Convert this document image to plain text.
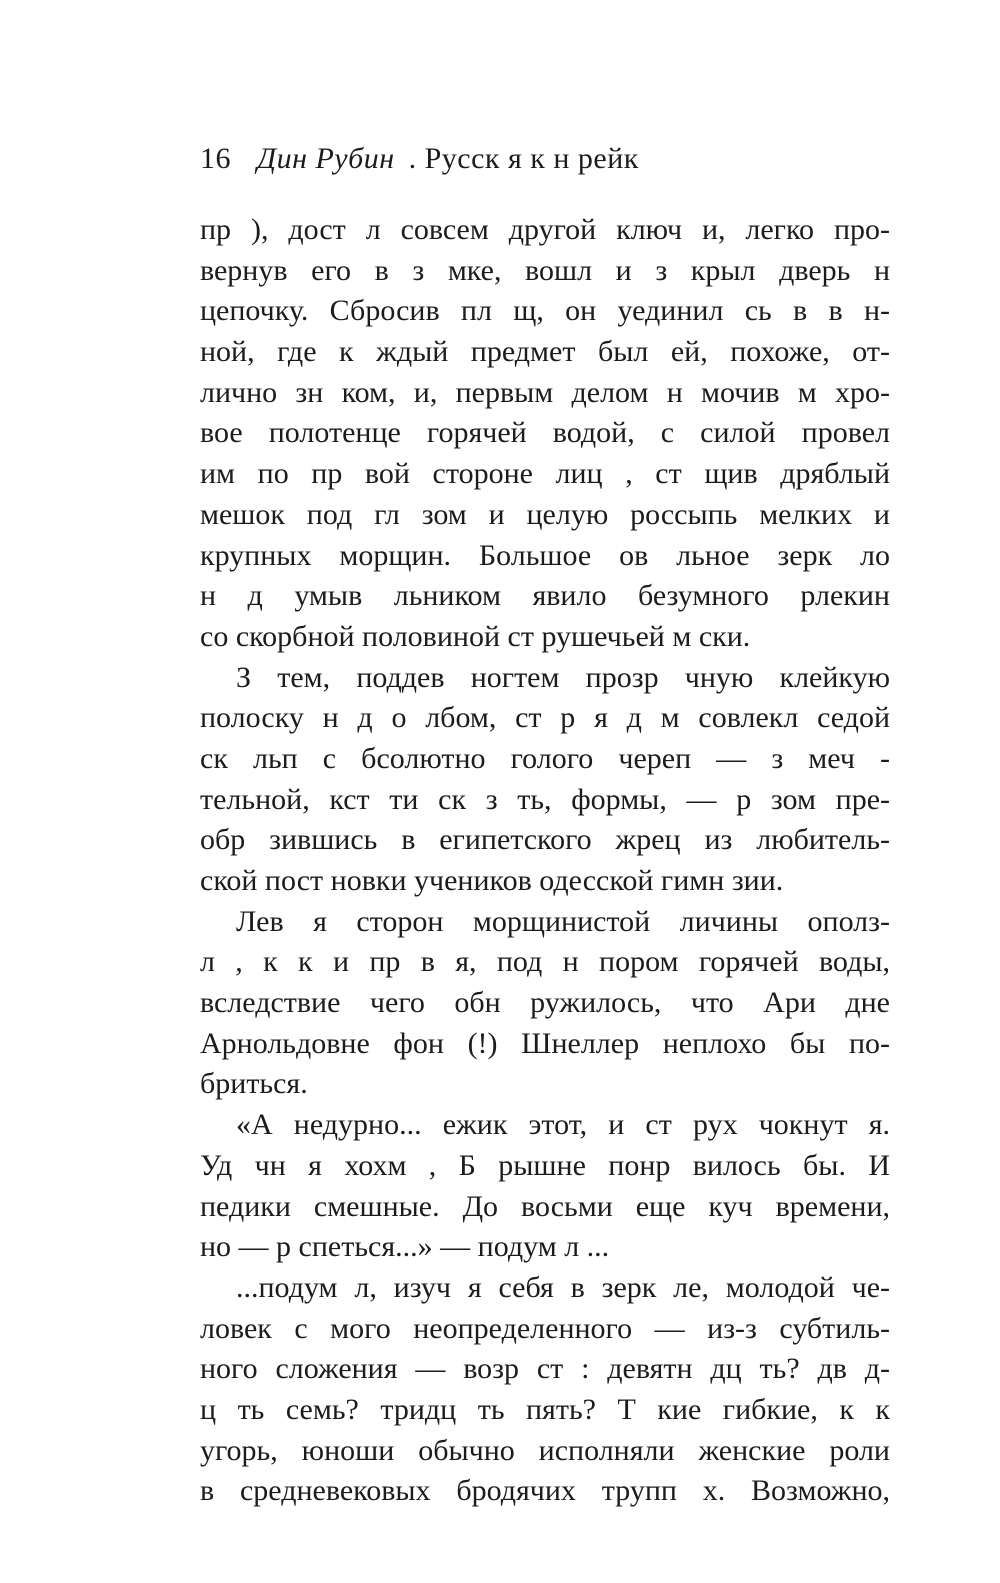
16 Дин Рубин . Русск я к н рейк
пр ), дост л совсем другой ключ и, легко про-
вернув его в з мке, вошл и з крыл дверь н
цепочку. Сбросив пл щ, он уединил сь в в н-
ной, где к ждый предмет был ей, похоже, от-
лично зн ком, и, первым делом н мочив м хро-
вое полотенце горячей водой, с силой провел
им по пр вой стороне лиц , ст щив дряблый
мешок под гл зом и целую россыпь мелких и
крупных морщин. Большое ов льное зерк ло
н д умыв льником явило безумного рлекин
со скорбной половиной ст рушечьей м ски.
З тем, поддев ногтем прозр чную клейкую
полоску н д о лбом, ст р я д м совлекл седой
ск льп с бсолютно голого череп — з меч -
тельной, кст ти ск з ть, формы, — р зом пре-
обр зившись в египетского жрец из любитель-
ской пост новки учеников одесской гимн зии.
Лев я сторон морщинистой личины ополз-
л , к к и пр в я, под н пором горячей воды,
вследствие чего обн ружилось, что Ари дне
Арнольдовне фон (!) Шнеллер неплохо бы по-
бриться.
«А недурно... ежик этот, и ст рух чокнут я.
Уд чн я хохм , Б рышне понр вилось бы. И
педики смешные. До восьми еще куч времени,
но — р спеться...» — подум л ...
...подум л, изуч я себя в зерк ле, молодой че-
ловек с мого неопределенного — из-з субтиль-
ного сложения — возр ст : девятн дц ть? дв д-
ц ть семь? тридц ть пять? Т кие гибкие, к к
угорь, юноши обычно исполняли женские роли
в средневековых бродячих трупп х. Возможно,
